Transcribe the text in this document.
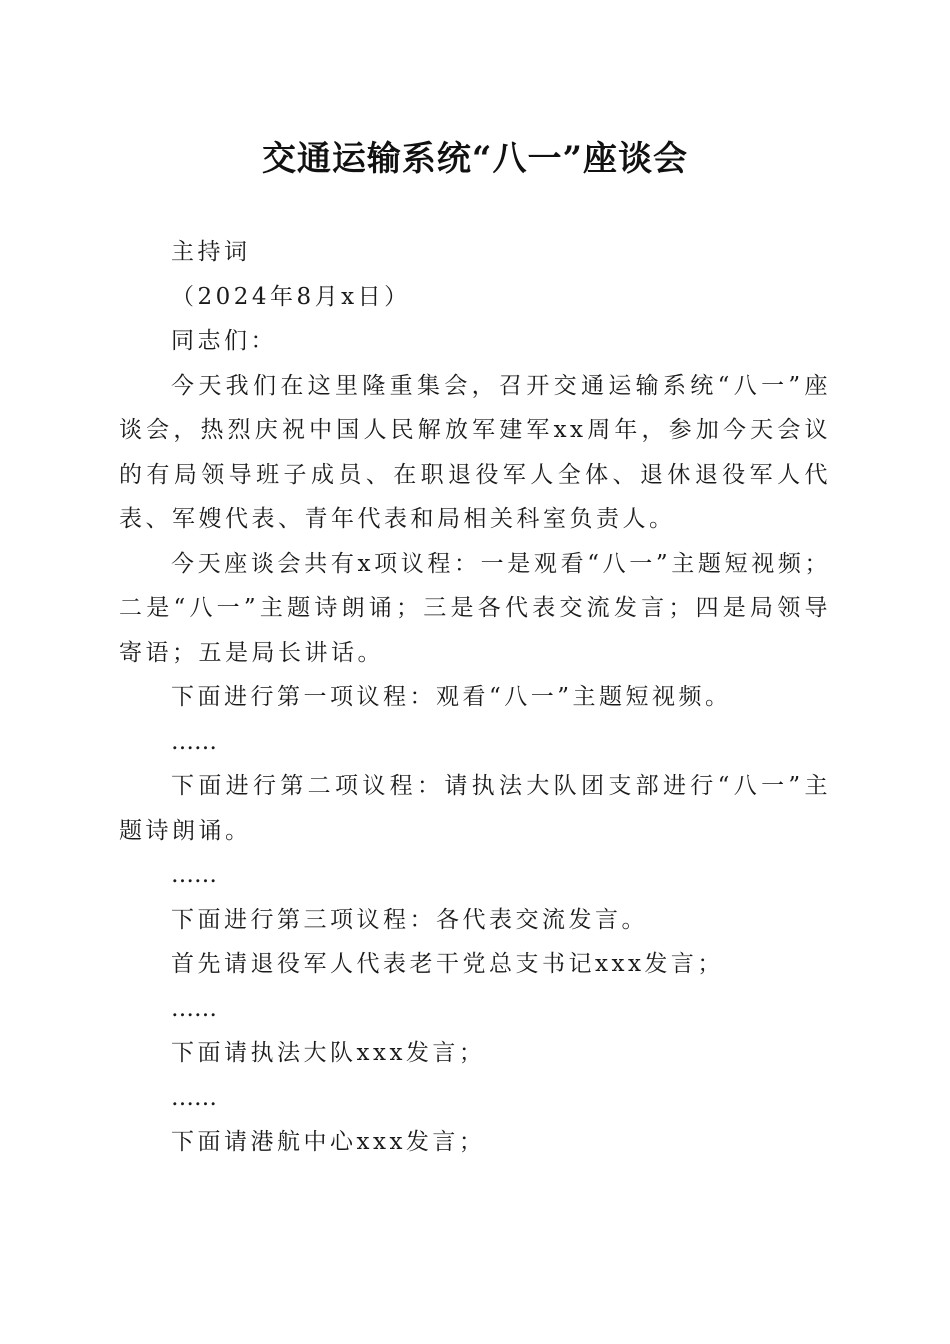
交通运输系统“八一”座谈会

主持词

（2024年8月x日）

同志们：

今天我们在这里隆重集会，召开交通运输系统“八一”座谈会，热烈庆祝中国人民解放军建军xx周年，参加今天会议的有局领导班子成员、在职退役军人全体、退休退役军人代表、军嫂代表、青年代表和局相关科室负责人。

今天座谈会共有x项议程：一是观看“八一”主题短视频；二是“八一”主题诗朗诵；三是各代表交流发言；四是局领导寄语；五是局长讲话。

下面进行第一项议程：观看“八一”主题短视频。

……

下面进行第二项议程：请执法大队团支部进行“八一”主题诗朗诵。

……

下面进行第三项议程：各代表交流发言。

首先请退役军人代表老干党总支书记xxx发言；

……

下面请执法大队xxx发言；

……

下面请港航中心xxx发言；
